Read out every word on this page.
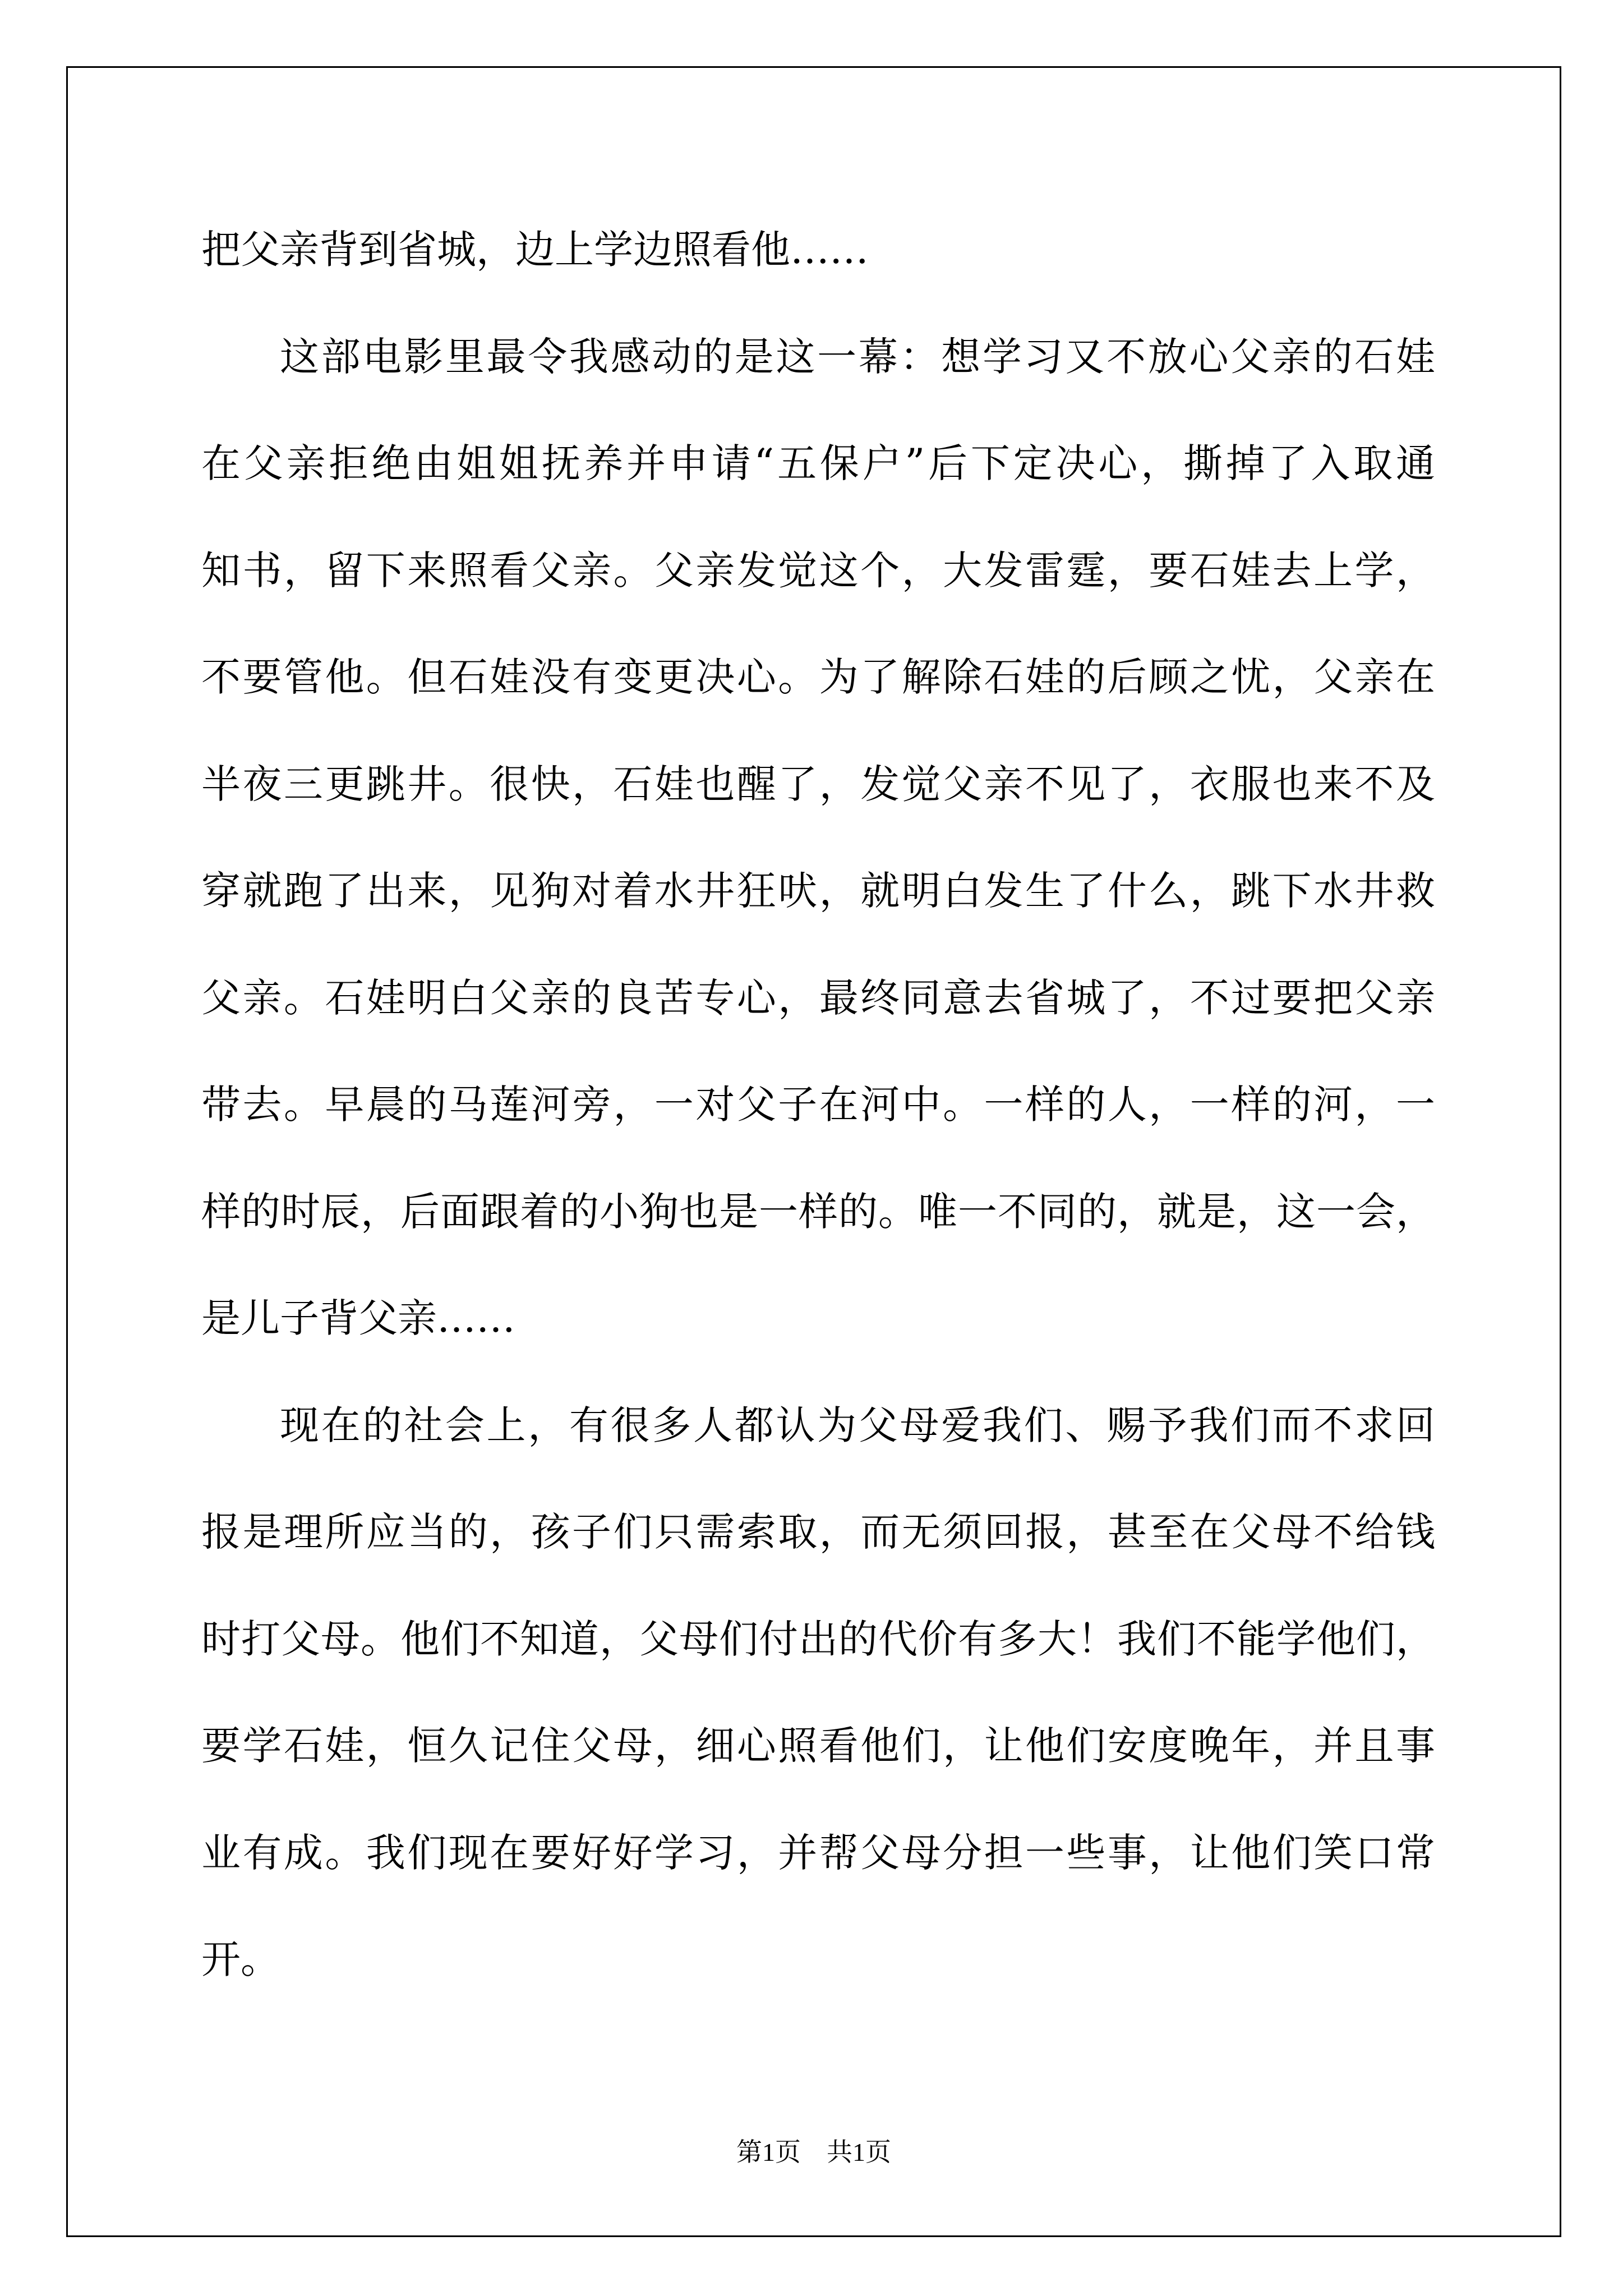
把父亲背到省城，边上学边照看他……
这部电影里最令我感动的是这一幕：想学习又不放心父亲的石娃
在父亲拒绝由姐姐抚养并申请“五保户”后下定决心，撕掉了入取通
知书，留下来照看父亲。父亲发觉这个，大发雷霆，要石娃去上学，
不要管他。但石娃没有变更决心。为了解除石娃的后顾之忧，父亲在
半夜三更跳井。很快，石娃也醒了，发觉父亲不见了，衣服也来不及
穿就跑了出来，见狗对着水井狂吠，就明白发生了什么，跳下水井救
父亲。石娃明白父亲的良苦专心，最终同意去省城了，不过要把父亲
带去。早晨的马莲河旁，一对父子在河中。一样的人，一样的河，一
样的时辰，后面跟着的小狗也是一样的。唯一不同的，就是，这一会，
是儿子背父亲……
现在的社会上，有很多人都认为父母爱我们、赐予我们而不求回
报是理所应当的，孩子们只需索取，而无须回报，甚至在父母不给钱
时打父母。他们不知道，父母们付出的代价有多大！我们不能学他们，
要学石娃，恒久记住父母，细心照看他们，让他们安度晚年，并且事
业有成。我们现在要好好学习，并帮父母分担一些事，让他们笑口常
开。
第1页 共1页
